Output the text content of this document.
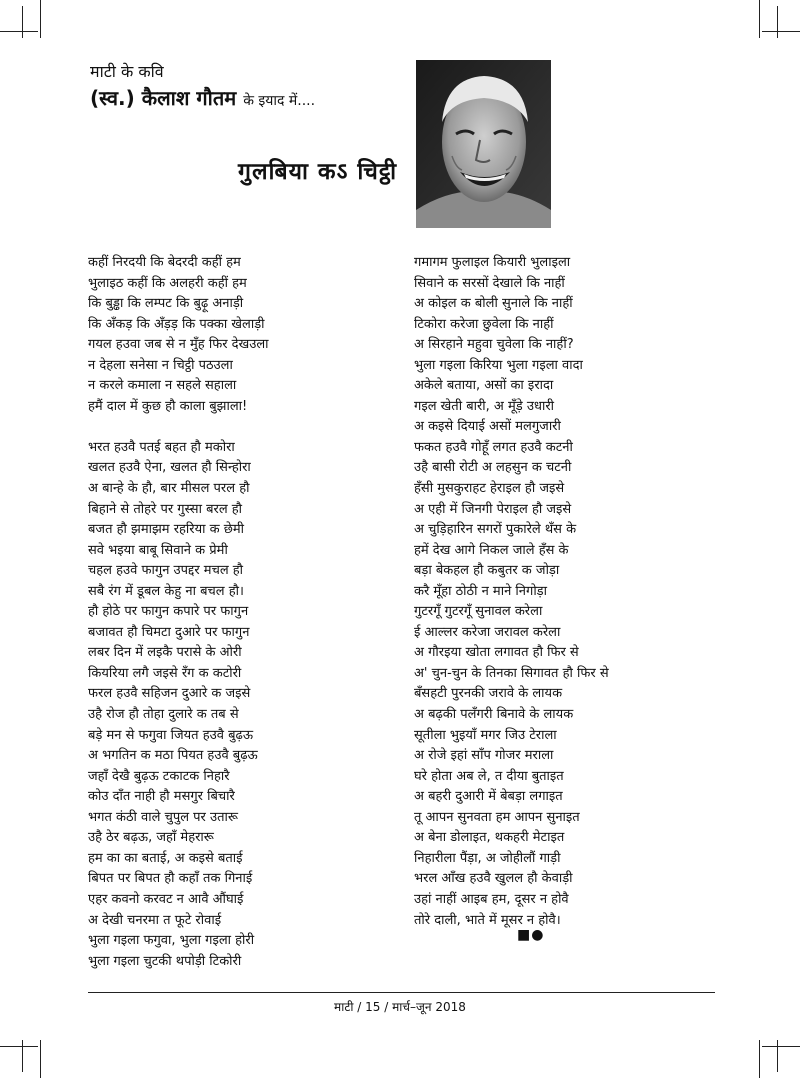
माटी के कवि
(स्व.) कैलाश गौतम के इयाद में....
गुलबिया कऽ चिट्ठी
कहीं निरदयी कि बेदरदी कहीं हम
भुलाइठ कहीं कि अलहरी कहीं हम
कि बुड्ढा कि लम्पट कि बुढ़ू अनाड़ी
कि अँकड़ कि अँड़ड़ कि पक्का खेलाड़ी
गयल हउवा जब से न मुँह फिर देखउला
न देहला सनेसा न चिट्ठी पठउला
न करले कमाला न सहले सहाला
हमैं दाल में कुछ हौ काला बुझाला!
भरत हउवै पतई बहत हौ मकोरा
खलत हउवै ऐना, खलत हौ सिन्होरा
अ बान्हे के हौ, बार मीसल परल हौ
बिहाने से तोहरे पर गुस्सा बरल हौ
बजत हौ झमाझम रहरिया क छेमी
सवे भइया बाबू सिवाने क प्रेमी
चहल हउवे फागुन उपद्दर मचल हौ
सबै रंग में डूबल केहु ना बचल हौ।
हौ होठे पर फागुन कपारे पर फागुन
बजावत हौ चिमटा दुआरे पर फागुन
लबर दिन में लइकै परासे के ओरी
कियरिया लगै जइसे रँग क कटोरी
फरल हउवै सहिजन दुआरे क जइसे
उहै रोज हौ तोहा दुलारे क तब से
बड़े मन से फगुवा जियत हउवै बुढ़ऊ
अ भगतिन क मठा पियत हउवै बुढ़ऊ
जहाँ देखै बुढ़ऊ टकाटक निहारै
कोउ दाँत नाही हौ मसगुर बिचारै
भगत कंठी वाले चुपुल पर उतारू
उहै ठेर बढ़ऊ, जहाँ मेहरारू
हम का का बताई, अ कइसे बताई
बिपत पर बिपत हौ कहाँ तक गिनाई
एहर कवनो करवट न आवै औंघाई
अ देखी चनरमा त फूटे रोवाई
भुला गइला फगुवा, भुला गइला होरी
भुला गइला चुटकी थपोड़ी टिकोरी
गमागम फुलाइल कियारी भुलाइला
सिवाने क सरसों देखाले कि नाहीं
अ कोइल क बोली सुनाले कि नाहीं
टिकोरा करेजा छुवेला कि नाहीं
अ सिरहाने महुवा चुवेला कि नाहीं?
भुला गइला किरिया भुला गइला वादा
अकेले बताया, असों का इरादा
गइल खेती बारी, अ मूँड़े उधारी
अ कइसे दियाई असों मलगुजारी
फकत हउवै गोहूँ लगत हउवै कटनी
उहै बासी रोटी अ लहसुन क चटनी
हँसी मुसकुराहट हेराइल हौ जइसे
अ एही में जिनगी पेराइल हौ जइसे
अ चुड़िहारिन सगरों पुकारेले थँस के
हमें देख आगे निकल जाले हँस के
बड़ा बेकहल हौ कबुतर क जोड़ा
करै मूँहा ठोठी न माने निगोड़ा
गुटरगूँ गुटरगूँ सुनावल करेला
ई आल्लर करेजा जरावल करेला
अ गौरइया खोता लगावत हौ फिर से
अ' चुन-चुन के तिनका सिगावत हौ फिर से
बँसहटी पुरनकी जरावे के लायक
अ बढ़की पलँगरी बिनावे के लायक
सूतीला भुइयाँ मगर जिउ टेराला
अ रोजे इहां साँप गोजर मराला
घरे होता अब ले, त दीया बुताइत
अ बहरी दुआरी में बेबड़ा लगाइत
तू आपन सुनवता हम आपन सुनाइत
अ बेना डोलाइत, थकहरी मेटाइत
निहारीला पैंड़ा, अ जोहीलौं गाड़ी
भरल आँख हउवै खुलल हौ केवाड़ी
उहां नाहीं आइब हम, दूसर न होवै
तोरे दाली, भाते में मूसर न होवै।
■●
माटी / 15 / मार्च–जून 2018
